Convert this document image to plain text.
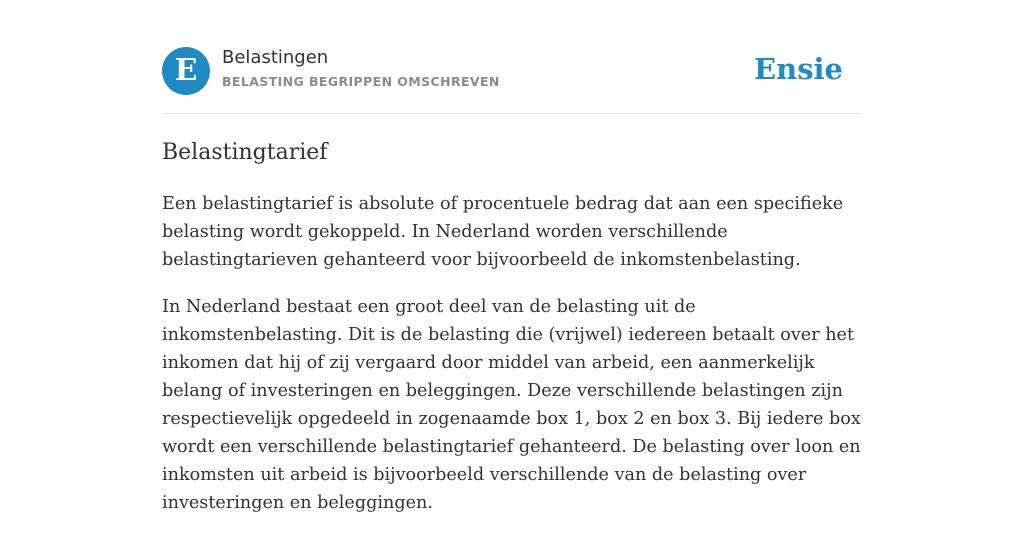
E	Belastingen
BELASTING BEGRIPPEN OMSCHREVEN	Ensie
Belastingtarief

Een belastingtarief is absolute of procentuele bedrag dat aan een specifieke belasting wordt gekoppeld. In Nederland worden verschillende belastingtarieven gehanteerd voor bijvoorbeeld de inkomstenbelasting.

In Nederland bestaat een groot deel van de belasting uit de inkomstenbelasting. Dit is de belasting die (vrijwel) iedereen betaalt over het inkomen dat hij of zij vergaard door middel van arbeid, een aanmerkelijk belang of investeringen en beleggingen. Deze verschillende belastingen zijn respectievelijk opgedeeld in zogenaamde box 1, box 2 en box 3. Bij iedere box wordt een verschillende belastingtarief gehanteerd. De belasting over loon en inkomsten uit arbeid is bijvoorbeeld verschillende van de belasting over investeringen en beleggingen.
